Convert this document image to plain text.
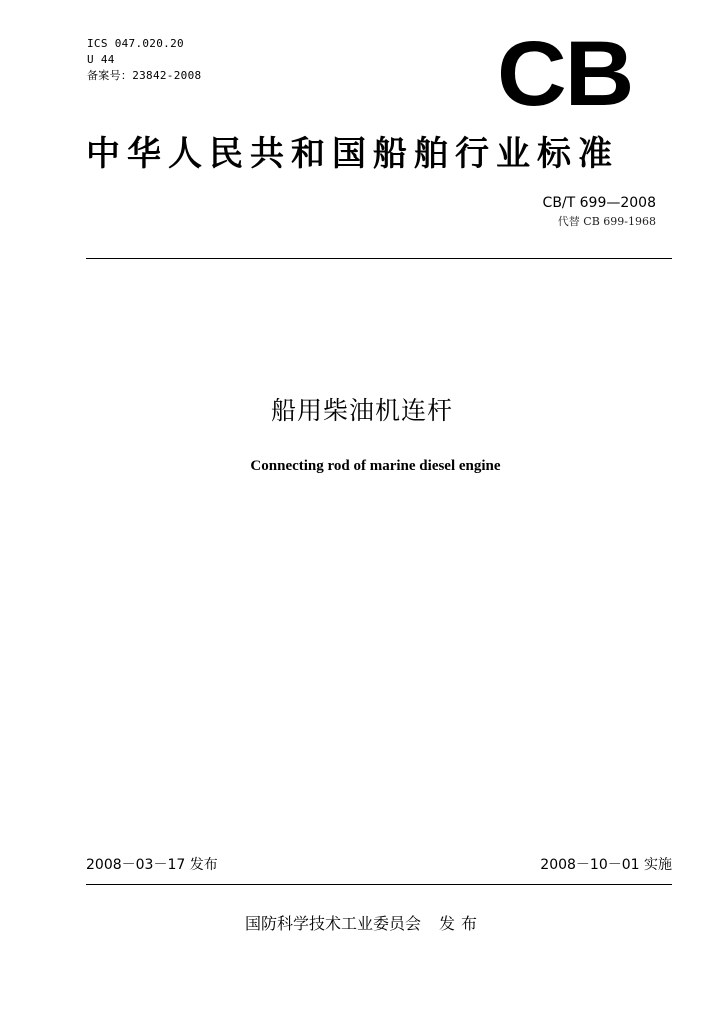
ICS 047.020.20
U 44
备案号：23842-2008	CB
中华人民共和国船舶行业标准
CB/T 699—2008
代替 CB 699-1968
船用柴油机连杆
Connecting rod of marine diesel engine
2008－03－17 发布	2008－10－01 实施
国防科学技术工业委员会 发布
